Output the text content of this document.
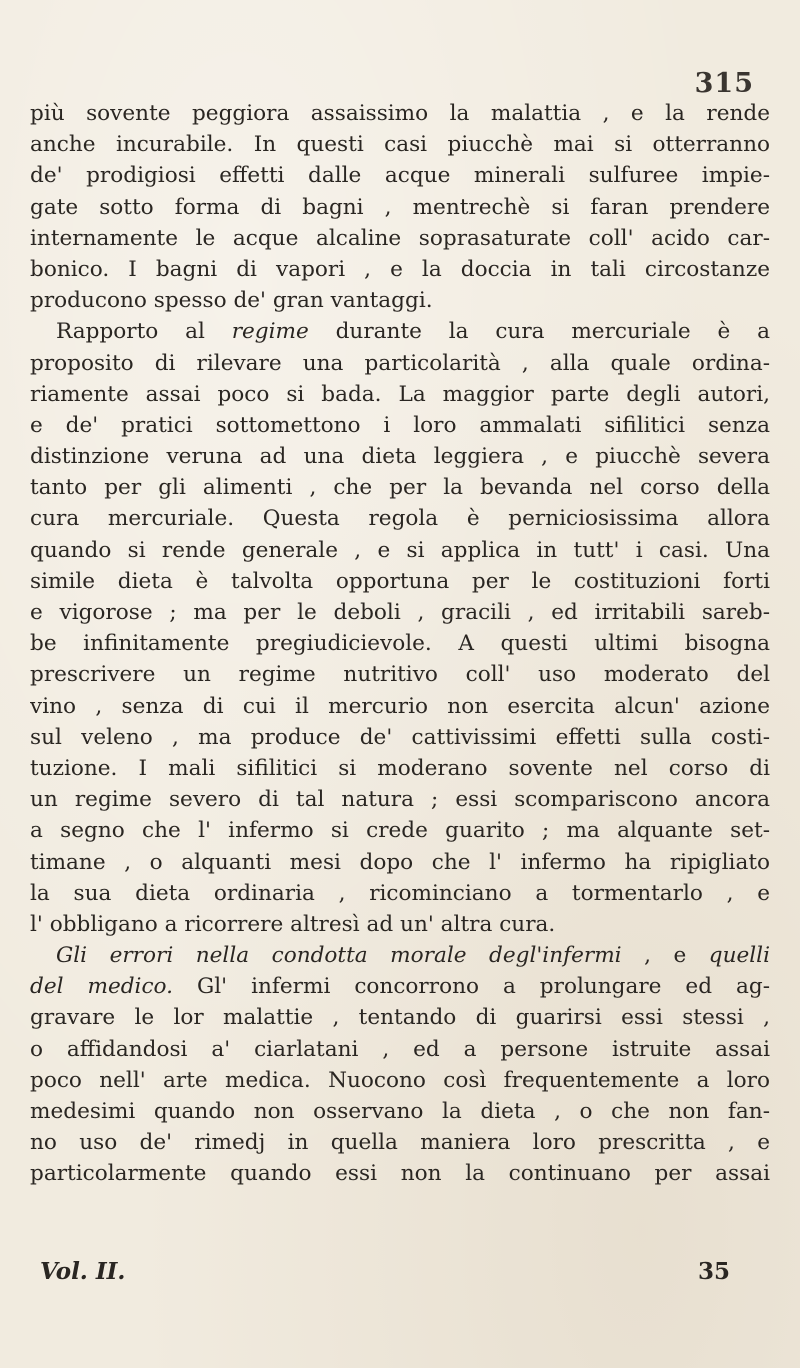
315
più sovente peggiora assaissimo la malattia , e la rende
anche incurabile. In questi casi piucchè mai si otterranno
de' prodigiosi effetti dalle acque minerali sulfuree impie-
gate sotto forma di bagni , mentrechè si faran prendere
internamente le acque alcaline soprasaturate coll' acido car-
bonico. I bagni di vapori , e la doccia in tali circostanze
producono spesso de' gran vantaggi.
Rapporto al regime durante la cura mercuriale è a
proposito di rilevare una particolarità , alla quale ordina-
riamente assai poco si bada. La maggior parte degli autori,
e de' pratici sottomettono i loro ammalati sifilitici senza
distinzione veruna ad una dieta leggiera , e piucchè severa
tanto per gli alimenti , che per la bevanda nel corso della
cura mercuriale. Questa regola è perniciosissima allora
quando si rende generale , e si applica in tutt' i casi. Una
simile dieta è talvolta opportuna per le costituzioni forti
e vigorose ; ma per le deboli , gracili , ed irritabili sareb-
be infinitamente pregiudicievole. A questi ultimi bisogna
prescrivere un regime nutritivo coll' uso moderato del
vino , senza di cui il mercurio non esercita alcun' azione
sul veleno , ma produce de' cattivissimi effetti sulla costi-
tuzione. I mali sifilitici si moderano sovente nel corso di
un regime severo di tal natura ; essi scompariscono ancora
a segno che l' infermo si crede guarito ; ma alquante set-
timane , o alquanti mesi dopo che l' infermo ha ripigliato
la sua dieta ordinaria , ricominciano a tormentarlo , e
l' obbligano a ricorrere altresì ad un' altra cura.
Gli errori nella condotta morale degl'infermi , e quelli
del medico. Gl' infermi concorrono a prolungare ed ag-
gravare le lor malattie , tentando di guarirsi essi stessi ,
o affidandosi a' ciarlatani , ed a persone istruite assai
poco nell' arte medica. Nuocono così frequentemente a loro
medesimi quando non osservano la dieta , o che non fan-
no uso de' rimedj in quella maniera loro prescritta , e
particolarmente quando essi non la continuano per assai
Vol. II.	35
